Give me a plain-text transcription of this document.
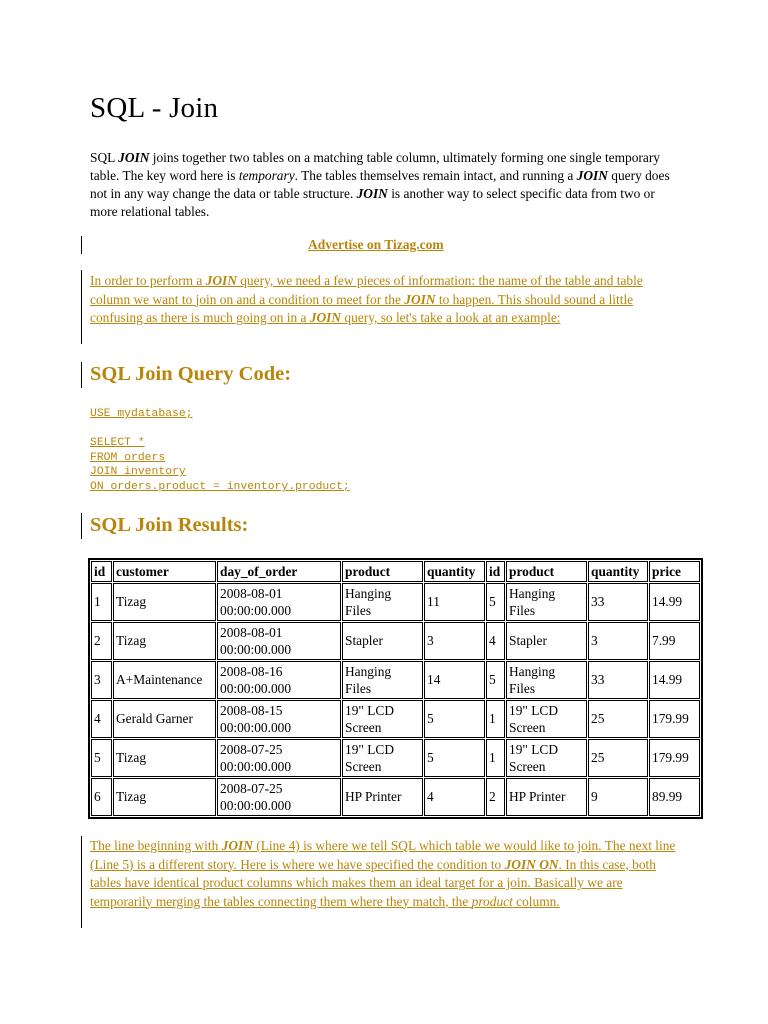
SQL - Join

SQL JOIN joins together two tables on a matching table column, ultimately forming one single temporary table. The key word here is temporary. The tables themselves remain intact, and running a JOIN query does not in any way change the data or table structure. JOIN is another way to select specific data from two or more relational tables.

Advertise on Tizag.com

In order to perform a JOIN query, we need a few pieces of information: the name of the table and table column we want to join on and a condition to meet for the JOIN to happen. This should sound a little confusing as there is much going on in a JOIN query, so let's take a look at an example:

SQL Join Query Code:
USE mydatabase;
SELECT *
FROM orders
JOIN inventory
ON orders.product = inventory.product;
SQL Join Results:
id	customer	day_of_order	product	quantity	id	product	quantity	price
1	Tizag	2008-08-01 00:00:00.000	Hanging Files	11	5	Hanging Files	33	14.99
2	Tizag	2008-08-01 00:00:00.000	Stapler	3	4	Stapler	3	7.99
3	A+Maintenance	2008-08-16 00:00:00.000	Hanging Files	14	5	Hanging Files	33	14.99
4	Gerald Garner	2008-08-15 00:00:00.000	19" LCD Screen	5	1	19" LCD Screen	25	179.99
5	Tizag	2008-07-25 00:00:00.000	19" LCD Screen	5	1	19" LCD Screen	25	179.99
6	Tizag	2008-07-25 00:00:00.000	HP Printer	4	2	HP Printer	9	89.99

The line beginning with JOIN (Line 4) is where we tell SQL which table we would like to join. The next line (Line 5) is a different story. Here is where we have specified the condition to JOIN ON. In this case, both tables have identical product columns which makes them an ideal target for a join. Basically we are temporarily merging the tables connecting them where they match, the product column.
